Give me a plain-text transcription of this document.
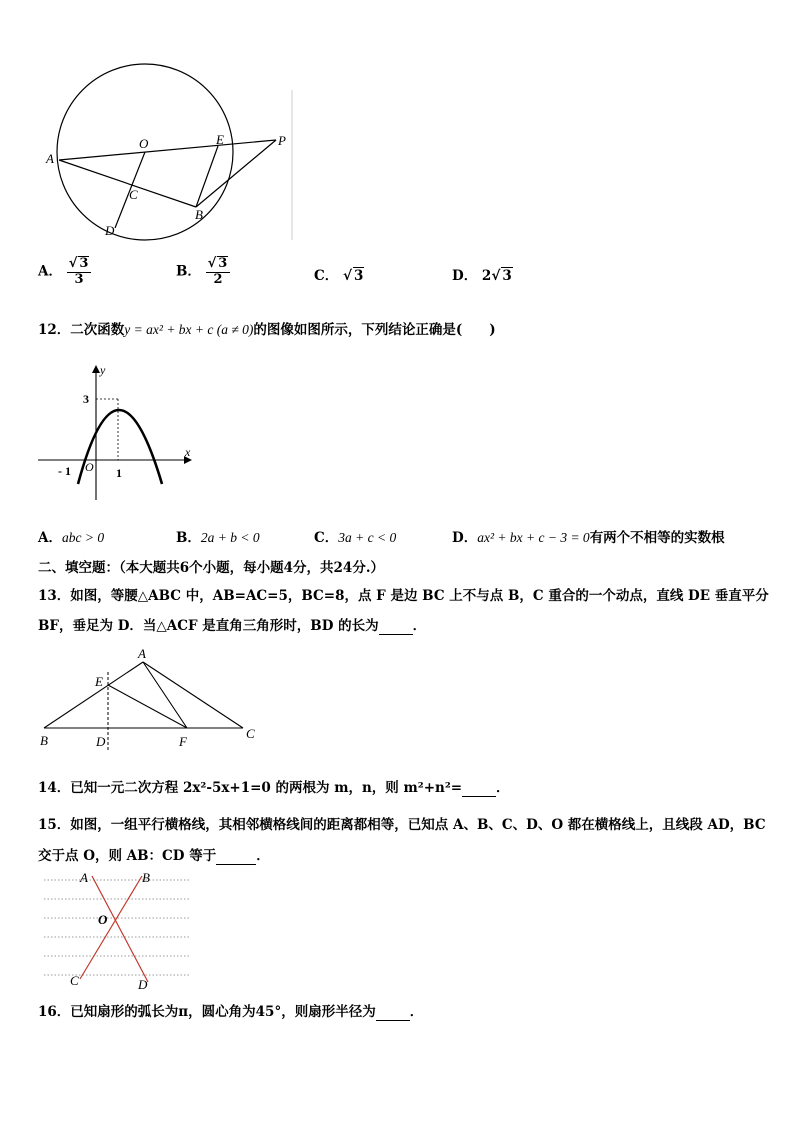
A
O	E	P
C
B
D
A． $\frac{√ 3}{3}$	B． $\frac{√ 3}{2}$	C． √ 3	D． 2√ 3
12．二次函数y = ax² + bx + c (a ≠ 0)的图像如图所示，下列结论正确是(　　)
y
x
3
- 1 O 1
A．abc > 0	B．2a + b < 0	C．3a + c < 0	D．ax² + bx + c − 3 = 0有两个不相等的实数根
二、填空题：（本大题共6个小题，每小题4分，共24分.）
13．如图，等腰△ABC 中，AB=AC=5，BC=8，点 F 是边 BC 上不与点 B，C 重合的一个动点，直线 DE 垂直平分
BF，垂足为 D．当△ACF 是直角三角形时，BD 的长为	．
A
E
B	D	F
C
14．已知一元二次方程 2x²-5x+1=0 的两根为 m，n，则 m²+n²=	．
15．如图，一组平行横格线，其相邻横格线间的距离都相等，已知点 A、B、C、D、O 都在横格线上，且线段 AD，BC
交于点 O，则 AB：CD 等于	．
A	B
O
C	D
16．已知扇形的弧长为π，圆心角为45°，则扇形半径为	．
